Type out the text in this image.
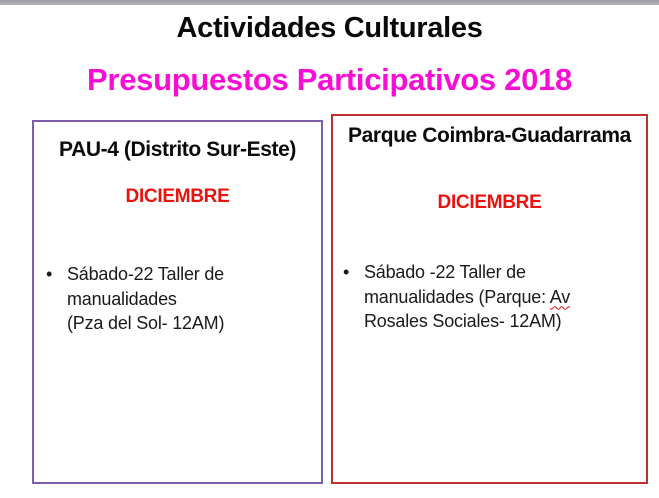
Actividades Culturales
Presupuestos Participativos 2018
PAU-4 (Distrito Sur-Este)
DICIEMBRE
• Sábado-22 Taller de
manualidades
(Pza del Sol- 12AM)
Parque Coimbra-Guadarrama
DICIEMBRE
• Sábado -22 Taller de
manualidades (Parque: Av
Rosales Sociales- 12AM)
